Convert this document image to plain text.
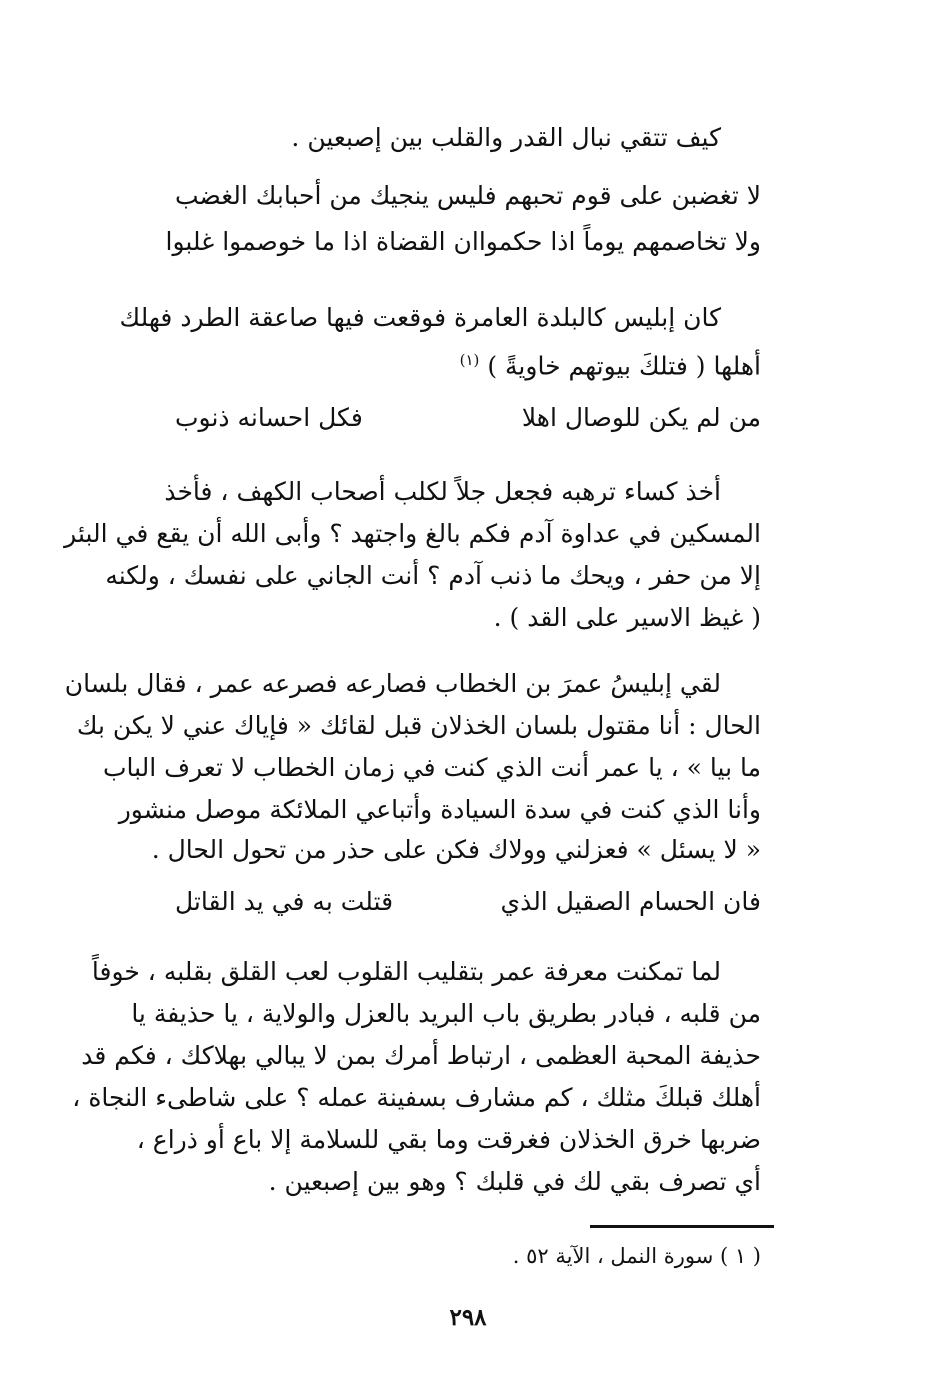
كيف تتقي نبال القدر والقلب بين إصبعين .
لا تغضبن على قوم تحبهم
فليس ينجيك من أحبابك الغضب
ولا تخاصمهم يوماً اذا حكموا
ان القضاة اذا ما خوصموا غلبوا
كان إبليس كالبلدة العامرة فوقعت فيها صاعقة الطرد فهلك
أهلها ( فتلكَ بيوتهم خاويةً ) $^{(١)}$
من لم يكن للوصال اهلا
فكل احسانه ذنوب
أخذ كساء ترهبه فجعل جلاً لكلب أصحاب الكهف ، فأخذ
المسكين في عداوة آدم فكم بالغ واجتهد ؟ وأبى الله أن يقع في البئر
إلا من حفر ، ويحك ما ذنب آدم ؟ أنت الجاني على نفسك ، ولكنه
( غيظ الاسير على القد ) .
لقي إبليسُ عمرَ بن الخطاب فصارعه فصرعه عمر ، فقال بلسان
الحال : أنا مقتول بلسان الخذلان قبل لقائك « فإياك عني لا يكن بك
ما بيا » ، يا عمر أنت الذي كنت في زمان الخطاب لا تعرف الباب
وأنا الذي كنت في سدة السيادة وأتباعي الملائكة موصل منشور
« لا يسئل » فعزلني وولاك فكن على حذر من تحول الحال .
فان الحسام الصقيل الذي
قتلت به في يد القاتل
لما تمكنت معرفة عمر بتقليب القلوب لعب القلق بقلبه ، خوفاً
من قلبه ، فبادر بطريق باب البريد بالعزل والولاية ، يا حذيفة يا
حذيفة المحبة العظمى ، ارتباط أمرك بمن لا يبالي بهلاكك ، فكم قد
أهلك قبلكَ مثلك ، كم مشارف بسفينة عمله ؟ على شاطىء النجاة ،
ضربها خرق الخذلان فغرقت وما بقي للسلامة إلا باع أو ذراع ،
أي تصرف بقي لك في قلبك ؟ وهو بين إصبعين .
( ١ ) سورة النمل ، الآية ٥٢ .
٢٩٨
